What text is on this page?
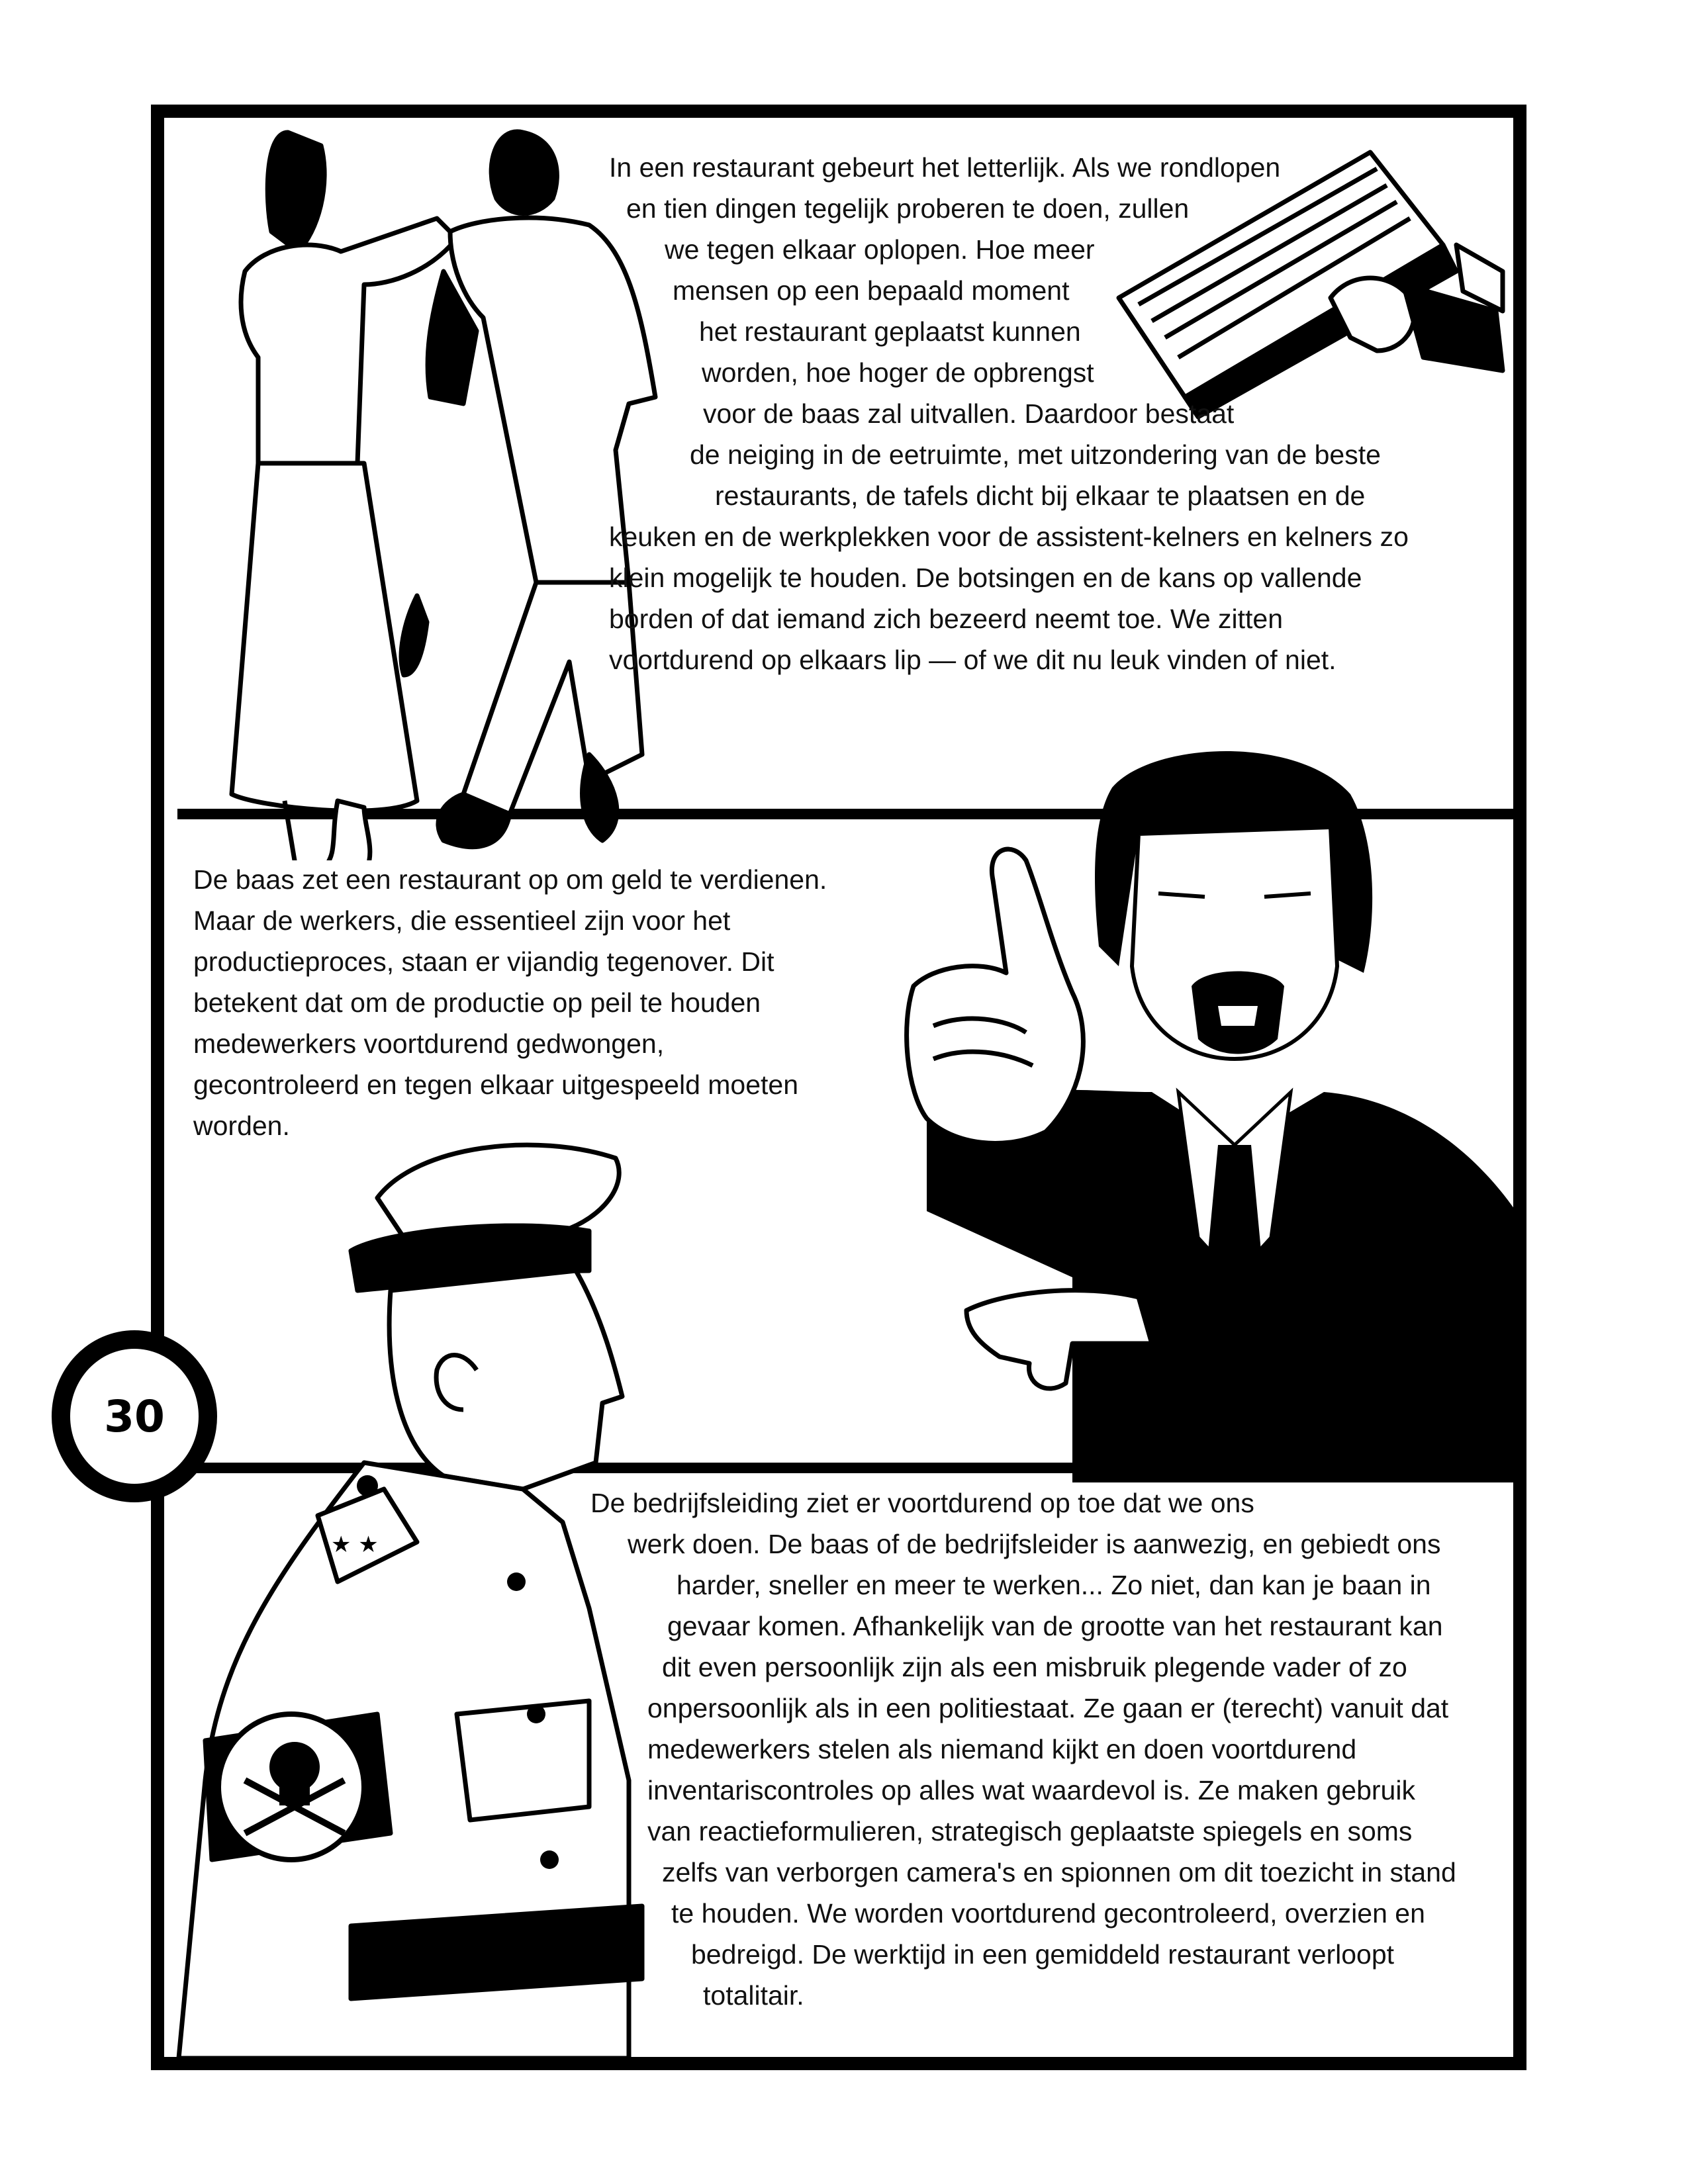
30
★ ★
In een restaurant gebeurt het letterlijk. Als we rondlopen
en tien dingen tegelijk proberen te doen, zullen
we tegen elkaar oplopen. Hoe meer
mensen op een bepaald moment
het restaurant geplaatst kunnen
worden, hoe hoger de opbrengst
voor de baas zal uitvallen. Daardoor bestaat
de neiging in de eetruimte, met uitzondering van de beste
restaurants, de tafels dicht bij elkaar te plaatsen en de
keuken en de werkplekken voor de assistent-kelners en kelners zo
klein mogelijk te houden. De botsingen en de kans op vallende
borden of dat iemand zich bezeerd neemt toe. We zitten
voortdurend op elkaars lip — of we dit nu leuk vinden of niet.
De baas zet een restaurant op om geld te verdienen.
Maar de werkers, die essentieel zijn voor het
productieproces, staan er vijandig tegenover. Dit
betekent dat om de productie op peil te houden
medewerkers voortdurend gedwongen,
gecontroleerd en tegen elkaar uitgespeeld moeten
worden.
De bedrijfsleiding ziet er voortdurend op toe dat we ons
werk doen. De baas of de bedrijfsleider is aanwezig, en gebiedt ons
harder, sneller en meer te werken... Zo niet, dan kan je baan in
gevaar komen. Afhankelijk van de grootte van het restaurant kan
dit even persoonlijk zijn als een misbruik plegende vader of zo
onpersoonlijk als in een politiestaat. Ze gaan er (terecht) vanuit dat
medewerkers stelen als niemand kijkt en doen voortdurend
inventariscontroles op alles wat waardevol is. Ze maken gebruik
van reactieformulieren, strategisch geplaatste spiegels en soms
zelfs van verborgen camera's en spionnen om dit toezicht in stand
te houden. We worden voortdurend gecontroleerd, overzien en
bedreigd. De werktijd in een gemiddeld restaurant verloopt
totalitair.
